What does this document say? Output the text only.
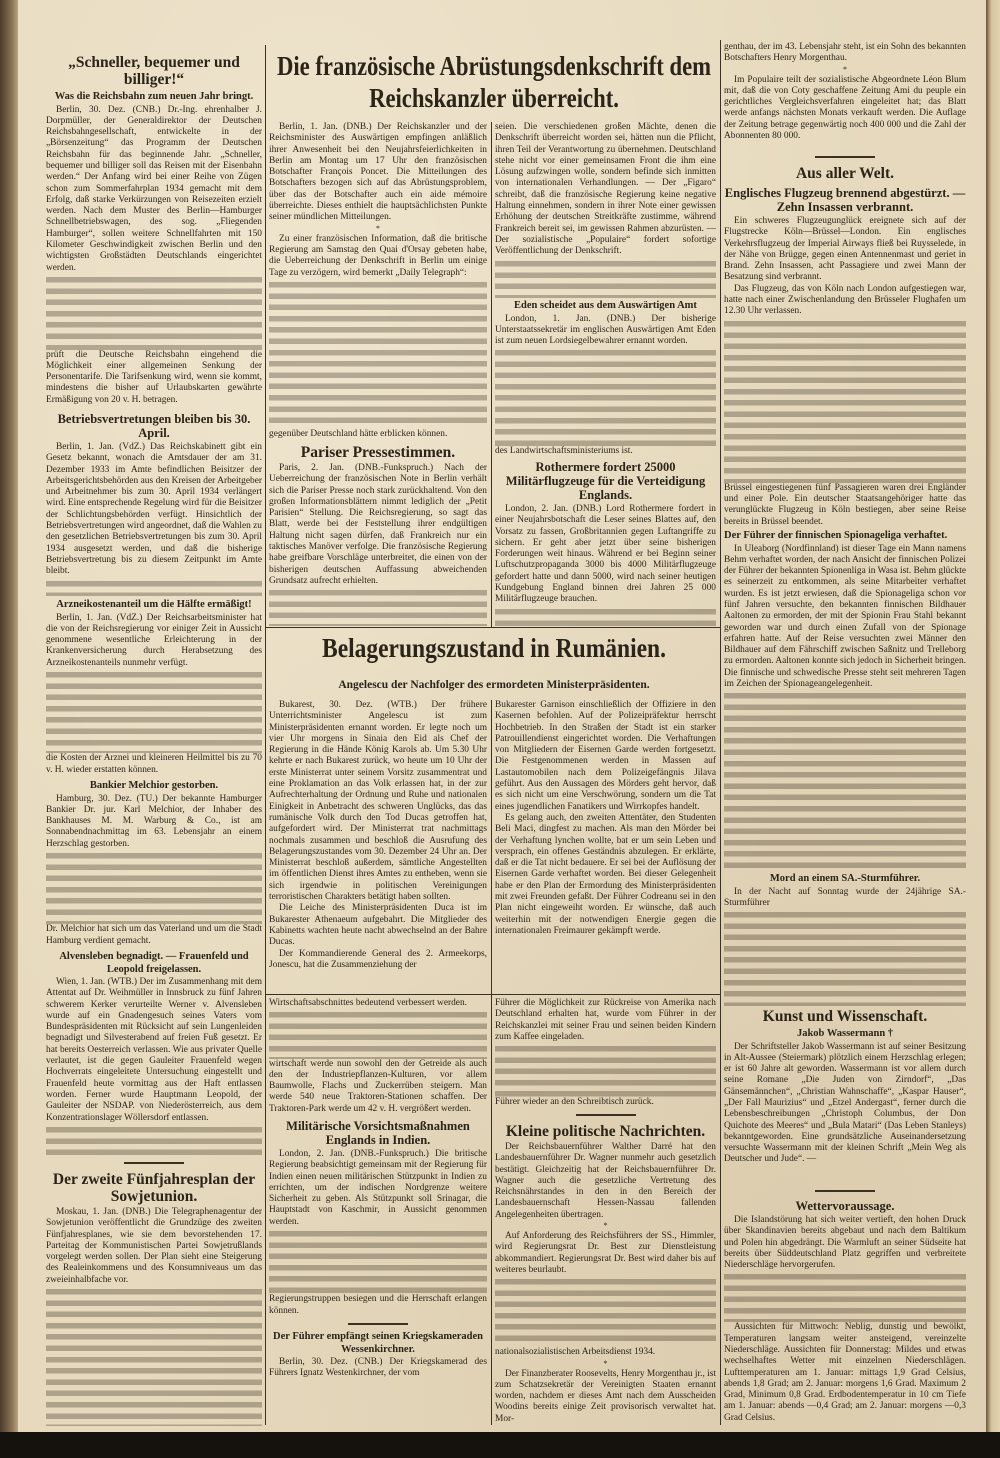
„Schneller, bequemer und billiger!“
Was die Reichsbahn zum neuen Jahr bringt.

Berlin, 30. Dez. (CNB.) Dr.-Ing. ehrenhalber J. Dorpmüller, der Generaldirektor der Deutschen Reichsbahngesellschaft, entwickelte in der „Börsenzeitung“ das Programm der Deutschen Reichsbahn für das beginnende Jahr. „Schneller, bequemer und billiger soll das Reisen mit der Eisenbahn werden.“ Der Anfang wird bei einer Reihe von Zügen schon zum Sommerfahrplan 1934 gemacht mit dem Erfolg, daß starke Verkürzungen von Reisezeiten erzielt werden. Nach dem Muster des Berlin—Hamburger Schnellbetriebswagen, des sog. „Fliegenden Hamburger“, sollen weitere Schnellfahrten mit 150 Kilometer Geschwindigkeit zwischen Berlin und den wichtigsten Großstädten Deutschlands eingerichtet werden.

prüft die Deutsche Reichsbahn eingehend die Möglichkeit einer allgemeinen Senkung der Personentarife. Die Tarifsenkung wird, wenn sie kommt, mindestens die bisher auf Urlaubskarten gewährte Ermäßigung von 20 v. H. betragen.

Betriebsvertretungen bleiben bis 30. April.

Berlin, 1. Jan. (VdZ.) Das Reichskabinett gibt ein Gesetz bekannt, wonach die Amtsdauer der am 31. Dezember 1933 im Amte befindlichen Beisitzer der Arbeitsgerichtsbehörden aus den Kreisen der Arbeitgeber und Arbeitnehmer bis zum 30. April 1934 verlängert wird. Eine entsprechende Regelung wird für die Beisitzer der Schlichtungsbehörden verfügt. Hinsichtlich der Betriebsvertretungen wird angeordnet, daß die Wahlen zu den gesetzlichen Betriebsvertretungen bis zum 30. April 1934 ausgesetzt werden, und daß die bisherige Betriebsvertretung bis zu diesem Zeitpunkt im Amte bleibt.

Arzneikostenanteil um die Hälfte ermäßigt!

Berlin, 1. Jan. (VdZ.) Der Reichsarbeitsminister hat die von der Reichsregierung vor einiger Zeit in Aussicht genommene wesentliche Erleichterung in der Krankenversicherung durch Herabsetzung des Arzneikostenanteils nunmehr verfügt.

die Kosten der Arznei und kleineren Heilmittel bis zu 70 v. H. wieder erstatten können.

Bankier Melchior gestorben.

Hamburg, 30. Dez. (TU.) Der bekannte Hamburger Bankier Dr. jur. Karl Melchior, der Inhaber des Bankhauses M. M. Warburg & Co., ist am Sonnabendnachmittag im 63. Lebensjahr an einem Herzschlag gestorben.

Dr. Melchior hat sich um das Vaterland und um die Stadt Hamburg verdient gemacht.

Alvensleben begnadigt. — Frauenfeld und Leopold freigelassen.

Wien, 1. Jan. (WTB.) Der im Zusammenhang mit dem Attentat auf Dr. Weihmüller in Innsbruck zu fünf Jahren schwerem Kerker verurteilte Werner v. Alvensleben wurde auf ein Gnadengesuch seines Vaters vom Bundespräsidenten mit Rücksicht auf sein Lungenleiden begnadigt und Silvesterabend auf freien Fuß gesetzt. Er hat bereits Oesterreich verlassen. Wie aus privater Quelle verlautet, ist die gegen Gauleiter Frauenfeld wegen Hochverrats eingeleitete Untersuchung eingestellt und Frauenfeld heute vormittag aus der Haft entlassen worden. Ferner wurde Hauptmann Leopold, der Gauleiter der NSDAP. von Niederösterreich, aus dem Konzentrationslager Wöllersdorf entlassen.

Der zweite Fünfjahresplan der Sowjetunion.

Moskau, 1. Jan. (DNB.) Die Telegraphenagentur der Sowjetunion veröffentlicht die Grundzüge des zweiten Fünfjahresplanes, wie sie dem bevorstehenden 17. Parteitag der Kommunistischen Partei Sowjetrußlands vorgelegt werden sollen. Der Plan sieht eine Steigerung des Realeinkommens und des Konsumniveaus um das zweieinhalbfache vor.

Die französische Abrüstungsdenkschrift dem Reichskanzler überreicht.

Berlin, 1. Jan. (DNB.) Der Reichskanzler und der Reichsminister des Auswärtigen empfingen anläßlich ihrer Anwesenheit bei den Neujahrsfeierlichkeiten in Berlin am Montag um 17 Uhr den französischen Botschafter François Poncet. Die Mitteilungen des Botschafters bezogen sich auf das Abrüstungsproblem, über das der Botschafter auch ein aide mémoire überreichte. Dieses enthielt die hauptsächlichsten Punkte seiner mündlichen Mitteilungen.

*

Zu einer französischen Information, daß die britische Regierung am Samstag den Quai d'Orsay gebeten habe, die Ueberreichung der Denkschrift in Berlin um einige Tage zu verzögern, wird bemerkt „Daily Telegraph“:

gegenüber Deutschland hätte erblicken können.

Pariser Pressestimmen.

Paris, 2. Jan. (DNB.-Funkspruch.) Nach der Ueberreichung der französischen Note in Berlin verhält sich die Pariser Presse noch stark zurückhaltend. Von den großen Informationsblättern nimmt lediglich der „Petit Parisien“ Stellung. Die Reichsregierung, so sagt das Blatt, werde bei der Feststellung ihrer endgültigen Haltung nicht sagen dürfen, daß Frankreich nur ein taktisches Manöver verfolge. Die französische Regierung habe greifbare Vorschläge unterbreitet, die einen von der bisherigen deutschen Auffassung abweichenden Grundsatz aufrecht erhielten.

seien. Die verschiedenen großen Mächte, denen die Denkschrift überreicht worden sei, hätten nun die Pflicht, ihren Teil der Verantwortung zu übernehmen. Deutschland stehe nicht vor einer gemeinsamen Front die ihm eine Lösung aufzwingen wolle, sondern befinde sich inmitten von internationalen Verhandlungen. — Der „Figaro“ schreibt, daß die französische Regierung keine negative Haltung einnehmen, sondern in ihrer Note einer gewissen Erhöhung der deutschen Streitkräfte zustimme, während Frankreich bereit sei, im gewissen Rahmen abzurüsten. — Der sozialistische „Populaire“ fordert sofortige Veröffentlichung der Denkschrift.

Eden scheidet aus dem Auswärtigen Amt

London, 1. Jan. (DNB.) Der bisherige Unterstaatssekretär im englischen Auswärtigen Amt Eden ist zum neuen Lordsiegelbewahrer ernannt worden.

des Landwirtschaftsministeriums ist.

Rothermere fordert 25000 Militärflugzeuge für die Verteidigung Englands.

London, 2. Jan. (DNB.) Lord Rothermere fordert in einer Neujahrsbotschaft die Leser seines Blattes auf, den Vorsatz zu fassen, Großbritannien gegen Luftangriffe zu sichern. Er geht aber jetzt über seine bisherigen Forderungen weit hinaus. Während er bei Beginn seiner Luftschutzpropaganda 3000 bis 4000 Militärflugzeuge gefordert hatte und dann 5000, wird nach seiner heutigen Kundgebung England binnen drei Jahren 25 000 Militärflugzeuge brauchen.

Belagerungszustand in Rumänien.
Angelescu der Nachfolger des ermordeten Ministerpräsidenten.

Bukarest, 30. Dez. (WTB.) Der frühere Unterrichtsminister Angelescu ist zum Ministerpräsidenten ernannt worden. Er legte noch um vier Uhr morgens in Sinaia den Eid als Chef der Regierung in die Hände König Karols ab. Um 5.30 Uhr kehrte er nach Bukarest zurück, wo heute um 10 Uhr der erste Ministerrat unter seinem Vorsitz zusammentrat und eine Proklamation an das Volk erlassen hat, in der zur Aufrechterhaltung der Ordnung und Ruhe und nationalen Einigkeit in Anbetracht des schweren Unglücks, das das rumänische Volk durch den Tod Ducas getroffen hat, aufgefordert wird. Der Ministerrat trat nachmittags nochmals zusammen und beschloß die Ausrufung des Belagerungszustandes vom 30. Dezember 24 Uhr an. Der Ministerrat beschloß außerdem, sämtliche Angestellten im öffentlichen Dienst ihres Amtes zu entheben, wenn sie sich irgendwie in politischen Vereinigungen terroristischen Charakters betätigt haben sollten.

Die Leiche des Ministerpräsidenten Duca ist im Bukarester Athenaeum aufgebahrt. Die Mitglieder des Kabinetts wachten heute nacht abwechselnd an der Bahre Ducas.

Der Kommandierende General des 2. Armeekorps, Jonescu, hat die Zusammenziehung der

Bukarester Garnison einschließlich der Offiziere in den Kasernen befohlen. Auf der Polizeipräfektur herrscht Hochbetrieb. In den Straßen der Stadt ist ein starker Patrouillendienst eingerichtet worden. Die Verhaftungen von Mitgliedern der Eisernen Garde werden fortgesetzt. Die Festgenommenen werden in Massen auf Lastautomobilen nach dem Polizeigefängnis Jilava geführt. Aus den Aussagen des Mörders geht hervor, daß es sich nicht um eine Verschwörung, sondern um die Tat eines jugendlichen Fanatikers und Wirrkopfes handelt.

Es gelang auch, den zweiten Attentäter, den Studenten Beli Maci, dingfest zu machen. Als man den Mörder bei der Verhaftung lynchen wollte, bat er um sein Leben und versprach, ein offenes Geständnis abzulegen. Er erklärte, daß er die Tat nicht bedauere. Er sei bei der Auflösung der Eisernen Garde verhaftet worden. Bei dieser Gelegenheit habe er den Plan der Ermordung des Ministerpräsidenten mit zwei Freunden gefaßt. Der Führer Codreanu sei in den Plan nicht eingeweiht worden. Er wünsche, daß auch weiterhin mit der notwendigen Energie gegen die internationalen Freimaurer gekämpft werde.

Wirtschaftsabschnittes bedeutend verbessert werden.

wirtschaft werde nun sowohl den der Getreide als auch den der Industriepflanzen-Kulturen, vor allem Baumwolle, Flachs und Zuckerrüben steigern. Man werde 540 neue Traktoren-Stationen schaffen. Der Traktoren-Park werde um 42 v. H. vergrößert werden.

Militärische Vorsichtsmaßnahmen Englands in Indien.

London, 2. Jan. (DNB.-Funkspruch.) Die britische Regierung beabsichtigt gemeinsam mit der Regierung für Indien einen neuen militärischen Stützpunkt in Indien zu errichten, um der indischen Nordgrenze weitere Sicherheit zu geben. Als Stützpunkt soll Srinagar, die Hauptstadt von Kaschmir, in Aussicht genommen werden.

Regierungstruppen besiegen und die Herrschaft erlangen können.

Der Führer empfängt seinen Kriegskameraden Wessenkirchner.

Berlin, 30. Dez. (CNB.) Der Kriegskamerad des Führers Ignatz Westenkirchner, der vom

Führer die Möglichkeit zur Rückreise von Amerika nach Deutschland erhalten hat, wurde vom Führer in der Reichskanzlei mit seiner Frau und seinen beiden Kindern zum Kaffee eingeladen.

Führer wieder an den Schreibtisch zurück.

Kleine politische Nachrichten.

Der Reichsbauernführer Walther Darré hat den Landesbauernführer Dr. Wagner nunmehr auch gesetzlich bestätigt. Gleichzeitig hat der Reichsbauernführer Dr. Wagner auch die gesetzliche Vertretung des Reichsnährstandes in den in den Bereich der Landesbauernschaft Hessen-Nassau fallenden Angelegenheiten übertragen.

*

Auf Anforderung des Reichsführers der SS., Himmler, wird Regierungsrat Dr. Best zur Dienstleistung abkommandiert. Regierungsrat Dr. Best wird daher bis auf weiteres beurlaubt.

nationalsozialistischen Arbeitsdienst 1934.

*

Der Finanzberater Roosevelts, Henry Morgenthau jr., ist zum Schatzsekretär der Vereinigten Staaten ernannt worden, nachdem er dieses Amt nach dem Ausscheiden Woodins bereits einige Zeit provisorisch verwaltet hat. Mor-

genthau, der im 43. Lebensjahr steht, ist ein Sohn des bekannten Botschafters Henry Morgenthau.

*

Im Populaire teilt der sozialistische Abgeordnete Léon Blum mit, daß die von Coty geschaffene Zeitung Ami du peuple ein gerichtliches Vergleichsverfahren eingeleitet hat; das Blatt werde anfangs nächsten Monats verkauft werden. Die Auflage der Zeitung betrage gegenwärtig noch 400 000 und die Zahl der Abonnenten 80 000.

Aus aller Welt.
Englisches Flugzeug brennend abgestürzt. — Zehn Insassen verbrannt.

Ein schweres Flugzeugunglück ereignete sich auf der Flugstrecke Köln—Brüssel—London. Ein englisches Verkehrsflugzeug der Imperial Airways fließ bei Ruysselede, in der Nähe von Brügge, gegen einen Antennenmast und geriet in Brand. Zehn Insassen, acht Passagiere und zwei Mann der Besatzung sind verbrannt.

Das Flugzeug, das von Köln nach London aufgestiegen war, hatte nach einer Zwischenlandung den Brüsseler Flughafen um 12.30 Uhr verlassen.

Brüssel eingestiegenen fünf Passagieren waren drei Engländer und einer Pole. Ein deutscher Staatsangehöriger hatte das verunglückte Flugzeug in Köln bestiegen, aber seine Reise bereits in Brüssel beendet.

Der Führer der finnischen Spionageliga verhaftet.

In Uleaborg (Nordfinnland) ist dieser Tage ein Mann namens Behm verhaftet worden, der nach Ansicht der finnischen Polizei der Führer der bekannten Spionenliga in Wasa ist. Behm glückte es seinerzeit zu entkommen, als seine Mitarbeiter verhaftet wurden. Es ist jetzt erwiesen, daß die Spionageliga schon vor fünf Jahren versuchte, den bekannten finnischen Bildhauer Aaltonen zu ermorden, der mit der Spionin Frau Stahl bekannt geworden war und durch einen Zufall von der Spionage erfahren hatte. Auf der Reise versuchten zwei Männer den Bildhauer auf dem Fährschiff zwischen Saßnitz und Trelleborg zu ermorden. Aaltonen konnte sich jedoch in Sicherheit bringen. Die finnische und schwedische Presse steht seit mehreren Tagen im Zeichen der Spionageangelegenheit.

Mord an einem SA.-Sturmführer.

In der Nacht auf Sonntag wurde der 24jährige SA.-Sturmführer

Kunst und Wissenschaft.
Jakob Wassermann †

Der Schriftsteller Jakob Wassermann ist auf seiner Besitzung in Alt-Aussee (Steiermark) plötzlich einem Herzschlag erlegen; er ist 60 Jahre alt geworden. Wassermann ist vor allem durch seine Romane „Die Juden von Zirndorf“, „Das Gänsemännchen“, „Christian Wahnschaffe“, „Kaspar Hauser“, „Der Fall Maurizius“ und „Etzel Andergast“, ferner durch die Lebensbeschreibungen „Christoph Columbus, der Don Quichote des Meeres“ und „Bula Matari“ (Das Leben Stanleys) bekanntgeworden. Eine grundsätzliche Auseinandersetzung versuchte Wassermann mit der kleinen Schrift „Mein Weg als Deutscher und Jude“. —

Wettervoraussage.

Die Islandstörung hat sich weiter vertieft, den hohen Druck über Skandinavien bereits abgebaut und nach dem Baltikum und Polen hin abgedrängt. Die Warmluft an seiner Südseite hat bereits über Süddeutschland Platz gegriffen und verbreitete Niederschläge hervorgerufen.

Aussichten für Mittwoch: Neblig, dunstig und bewölkt, Temperaturen langsam weiter ansteigend, vereinzelte Niederschläge. Aussichten für Donnerstag: Mildes und etwas wechselhaftes Wetter mit einzelnen Niederschlägen. Lufttemperaturen am 1. Januar: mittags 1,9 Grad Celsius, abends 1,8 Grad; am 2. Januar: morgens 1,6 Grad. Maximum 2 Grad, Minimum 0,8 Grad. Erdbodentemperatur in 10 cm Tiefe am 1. Januar: abends —0,4 Grad; am 2. Januar: morgens —0,3 Grad Celsius.
